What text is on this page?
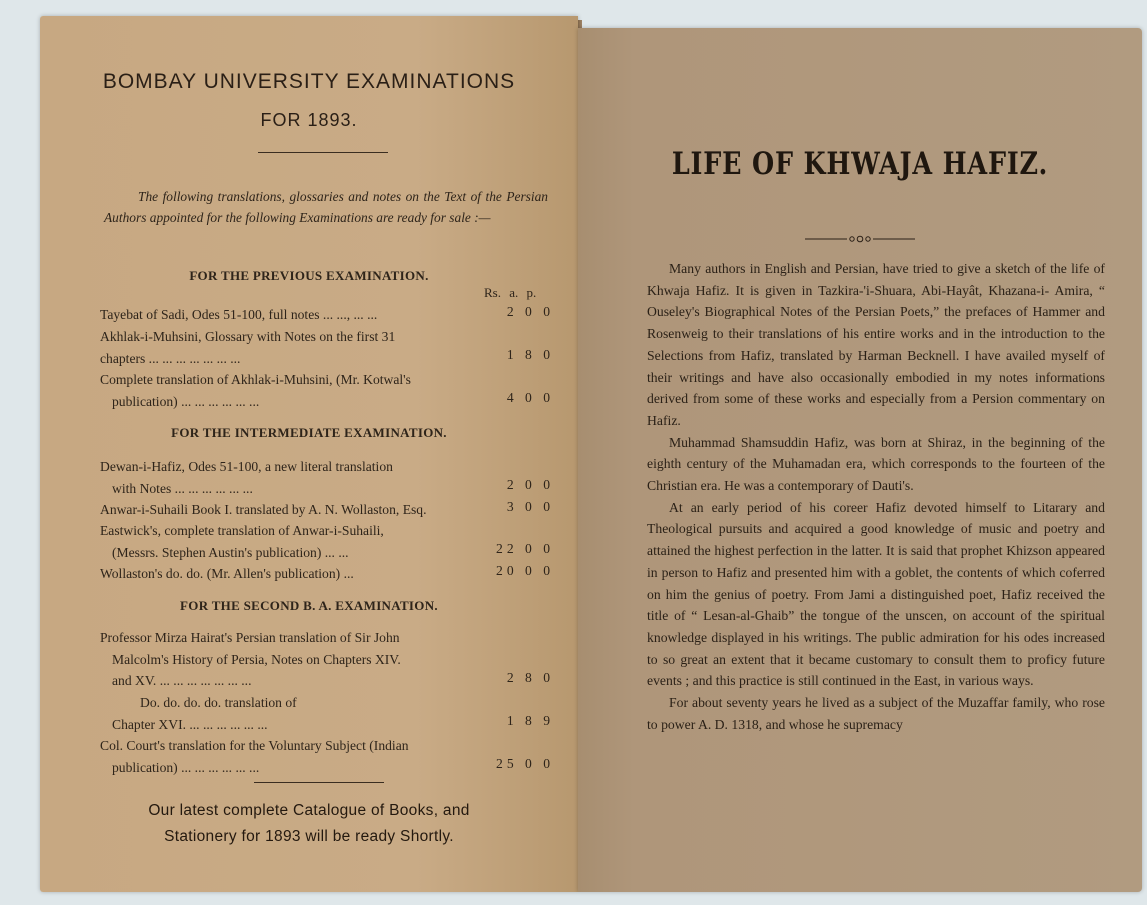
BOMBAY UNIVERSITY EXAMINATIONS
FOR 1893.
The following translations, glossaries and notes on the Text of the Persian Authors appointed for the following Examinations are ready for sale :—
FOR THE PREVIOUS EXAMINATION.
Rs. a. p.
Tayebat of Sadi, Odes 51-100, full notes ... ..., ... ...	2 0 0
Akhlak-i-Muhsini, Glossary with Notes on the first 31
chapters ... ... ... ... ... ... ...	1 8 0
Complete translation of Akhlak-i-Muhsini, (Mr. Kotwal's
publication) ... ... ... ... ... ...	4 0 0
FOR THE INTERMEDIATE EXAMINATION.
Dewan-i-Hafiz, Odes 51-100, a new literal translation
with Notes ... ... ... ... ... ...	2 0 0
Anwar-i-Suhaili Book I. translated by A. N. Wollaston, Esq.	3 0 0
Eastwick's, complete translation of Anwar-i-Suhaili,
(Messrs. Stephen Austin's publication) ... ...	22 0 0
Wollaston's do. do. (Mr. Allen's publication) ...	20 0 0
FOR THE SECOND B. A. EXAMINATION.
Professor Mirza Hairat's Persian translation of Sir John
Malcolm's History of Persia, Notes on Chapters XIV.
and XV. ... ... ... ... ... ... ...	2 8 0
Do. do. do. do. translation of
Chapter XVI. ... ... ... ... ... ...	1 8 9
Col. Court's translation for the Voluntary Subject (Indian
publication) ... ... ... ... ... ...	25 0 0
Our latest complete Catalogue of Books, and
Stationery for 1893 will be ready Shortly.
LIFE OF KHWAJA HAFIZ.

Many authors in English and Persian, have tried to give a sketch of the life of Khwaja Hafiz. It is given in Tazkira-'i-Shuara, Abi-Hayât, Khazana-i- Amira, “ Ouseley's Biographical Notes of the Persian Poets,” the prefaces of Hammer and Rosenweig to their translations of his entire works and in the introduction to the Selections from Hafiz, translated by Harman Becknell. I have availed myself of their writings and have also occasionally embodied in my notes informations derived from some of these works and especially from a Persion commentary on Hafiz.

Muhammad Shamsuddin Hafiz, was born at Shiraz, in the beginning of the eighth century of the Muhamadan era, which corresponds to the fourteen of the Christian era. He was a contemporary of Dauti's.

At an early period of his coreer Hafiz devoted himself to Litarary and Theological pursuits and acquired a good knowledge of music and poetry and attained the highest perfection in the latter. It is said that prophet Khizson appeared in person to Hafiz and presented him with a goblet, the contents of which coferred on him the genius of poetry. From Jami a distinguished poet, Hafiz received the title of “ Lesan-al-Ghaib” the tongue of the unscen, on account of the spiritual knowledge displayed in his writings. The public admiration for his odes increased to so great an extent that it became customary to consult them to proficy future events ; and this practice is still continued in the East, in various ways.

For about seventy years he lived as a subject of the Muzaffar family, who rose to power A. D. 1318, and whose he supremacy
